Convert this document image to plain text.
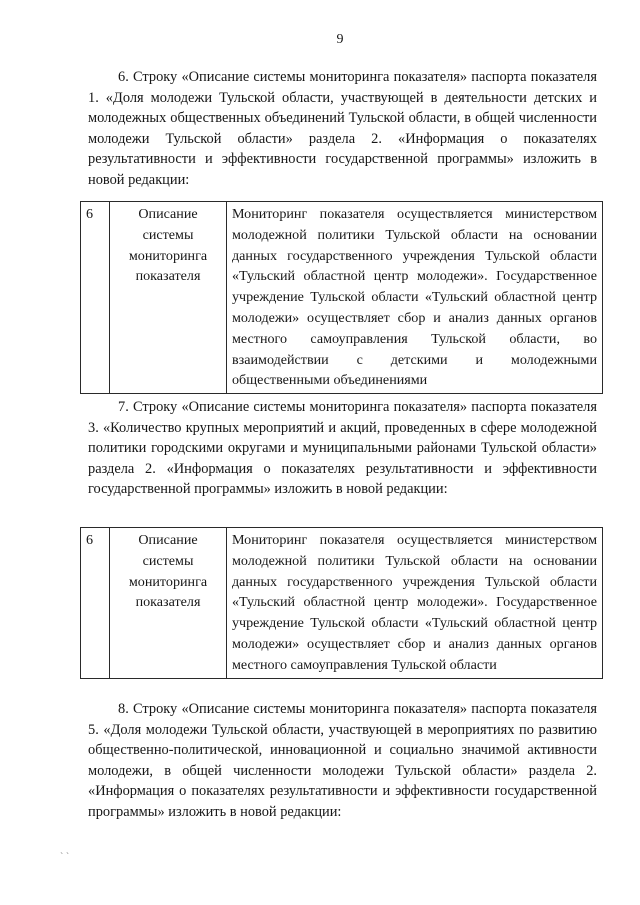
9

6. Строку «Описание системы мониторинга показателя» паспорта показателя 1. «Доля молодежи Тульской области, участвующей в деятельности детских и молодежных общественных объединений Тульской области, в общей численности молодежи Тульской области» раздела 2. «Информация о показателях результативности и эффективности государственной программы» изложить в новой редакции:

6	Описание системы мониторинга показателя	Мониторинг показателя осуществляется министерством молодежной политики Тульской области на основании данных государственного учреждения Тульской области «Тульский областной центр молодежи». Государственное учреждение Тульской области «Тульский областной центр молодежи» осуществляет сбор и анализ данных органов местного самоуправления Тульской области, во взаимодействии с детскими и молодежными общественными объединениями

7. Строку «Описание системы мониторинга показателя» паспорта показателя 3. «Количество крупных мероприятий и акций, проведенных в сфере молодежной политики городскими округами и муниципальными районами Тульской области» раздела 2. «Информация о показателях результативности и эффективности государственной программы» изложить в новой редакции:

6	Описание системы мониторинга показателя	Мониторинг показателя осуществляется министерством молодежной политики Тульской области на основании данных государственного учреждения Тульской области «Тульский областной центр молодежи». Государственное учреждение Тульской области «Тульский областной центр молодежи» осуществляет сбор и анализ данных органов местного самоуправления Тульской области

8. Строку «Описание системы мониторинга показателя» паспорта показателя 5. «Доля молодежи Тульской области, участвующей в мероприятиях по развитию общественно-политической, инновационной и социально значимой активности молодежи, в общей численности молодежи Тульской области» раздела 2. «Информация о показателях результативности и эффективности государственной программы» изложить в новой редакции:

` `
